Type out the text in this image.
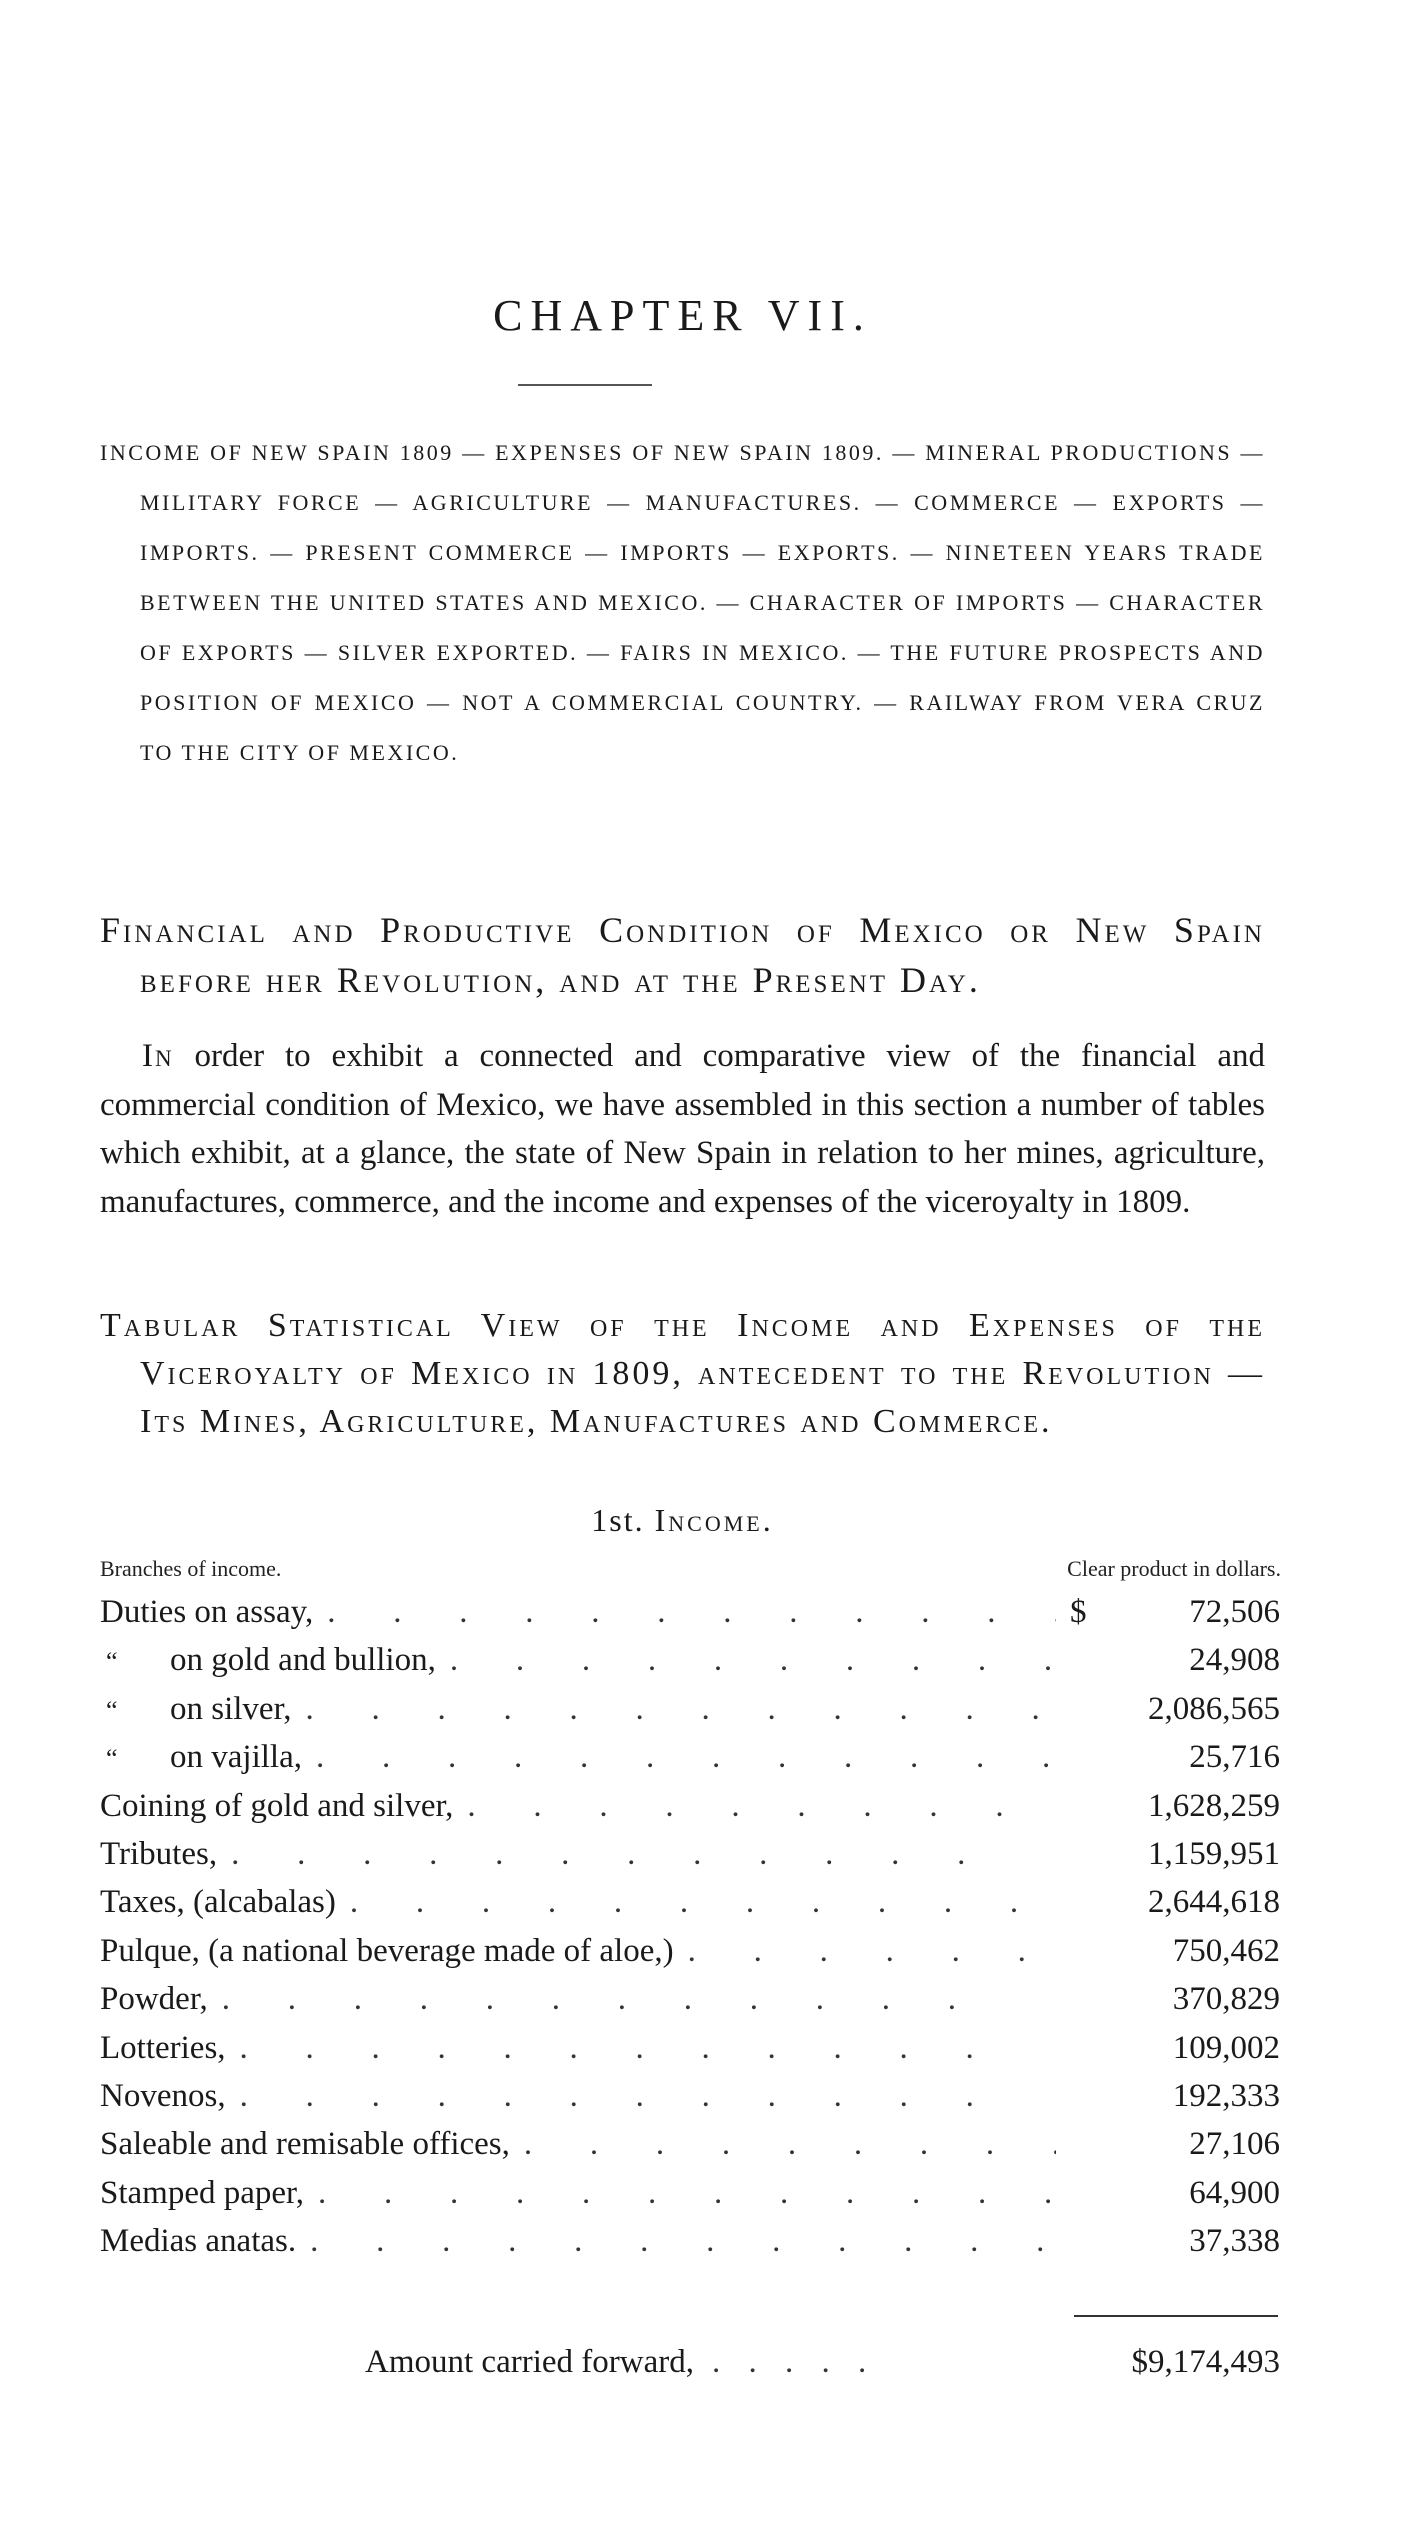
CHAPTER VII.
INCOME OF NEW SPAIN 1809 — EXPENSES OF NEW SPAIN 1809. — MINERAL PRODUCTIONS — MILITARY FORCE — AGRICULTURE — MANUFACTURES. — COMMERCE — EXPORTS — IMPORTS. — PRESENT COMMERCE — IMPORTS — EXPORTS. — NINETEEN YEARS TRADE BETWEEN THE UNITED STATES AND MEXICO. — CHARACTER OF IMPORTS — CHARACTER OF EXPORTS — SILVER EXPORTED. — FAIRS IN MEXICO. — THE FUTURE PROSPECTS AND POSITION OF MEXICO — NOT A COMMERCIAL COUNTRY. — RAILWAY FROM VERA CRUZ TO THE CITY OF MEXICO.
Financial and Productive Condition of Mexico or New Spain before her Revolution, and at the Present Day.
In order to exhibit a connected and comparative view of the financial and commercial condition of Mexico, we have assembled in this section a number of tables which exhibit, at a glance, the state of New Spain in relation to her mines, agriculture, manufactures, commerce, and the income and expenses of the viceroyalty in 1809.
Tabular Statistical View of the Income and Expenses of the Viceroyalty of Mexico in 1809, antecedent to the Revolution — Its Mines, Agriculture, Manufactures and Commerce.
1st. Income.
Branches of income.	Clear product in dollars.
Duties on assay, .	$	72,506
“ on gold and bullion, .	24,908
“ on silver, .	2,086,565
“ on vajilla, .	25,716
Coining of gold and silver, .	1,628,259
Tributes, .	1,159,951
Taxes, (alcabalas) .	2,644,618
Pulque, (a national beverage made of aloe,) .	750,462
Powder, .	370,829
Lotteries, .	109,002
Novenos, .	192,333
Saleable and remisable offices, .	27,106
Stamped paper, .	64,900
Medias anatas. .	37,338
Amount carried forward, . . .	$9,174,493
